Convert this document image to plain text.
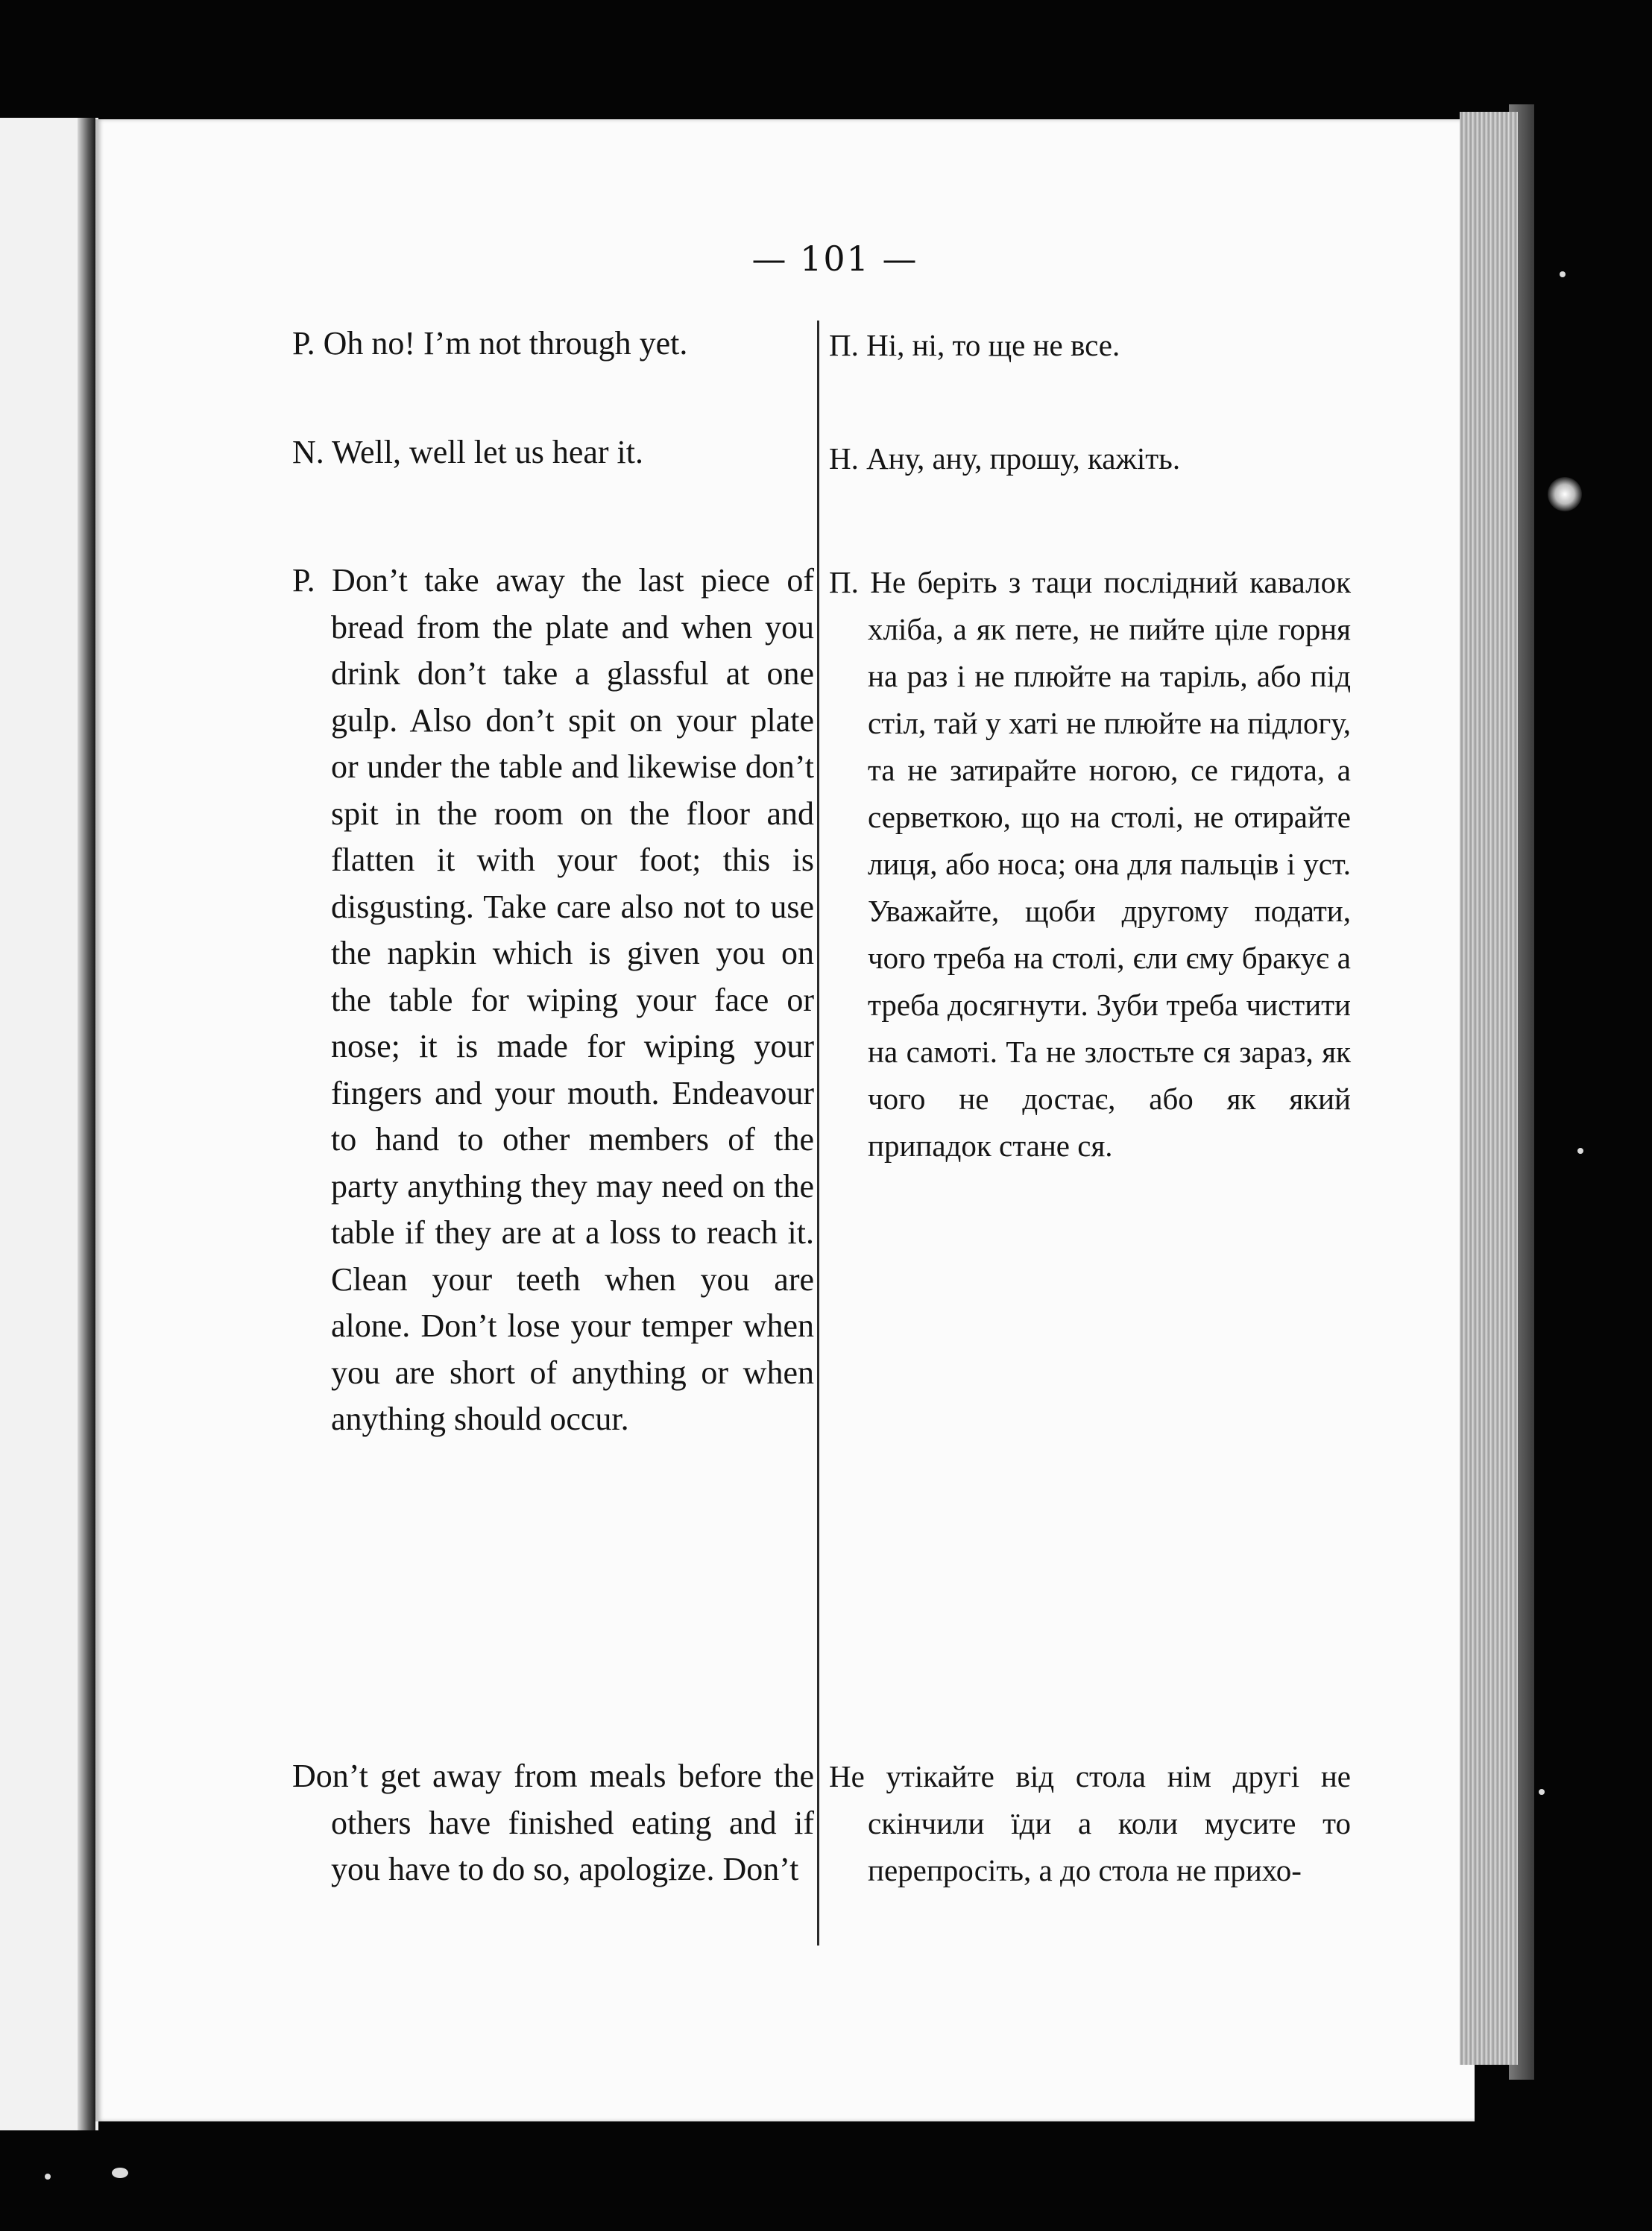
— 101 —

P. Oh no! I’m not through yet.

N. Well, well let us hear it.

P. Don’t take away the last piece of bread from the plate and when you drink don’t take a glassful at one gulp. Also don’t spit on your plate or under the table and likewise don’t spit in the room on the floor and flatten it with your foot; this is disgusting. Take care also not to use the napkin which is given you on the table for wiping your face or nose; it is made for wiping your fingers and your mouth. Endeavour to hand to other members of the party anything they may need on the table if they are at a loss to reach it. Clean your teeth when you are alone. Don’t lose your temper when you are short of anything or when anything should occur.

Don’t get away from meals before the others have finished eating and if you have to do so, apologize. Don’t

П. Ні, ні, то ще не все.

Н. Ану, ану, прошу, кажіть.

П. Не беріть з таци послідний кавалок хліба, а як пете, не пийте ціле горня на раз і не плюйте на таріль, або під стіл, тай у хаті не плюйте на підлогу, та не затирайте ногою, се гидота, а серветкою, що на столі, не отирайте лиця, або носа; она для пальців і уст. Уважайте, щоби другому подати, чого треба на столі, єли єму бракує а треба досягнути. Зуби треба чистити на самоті. Та не злостьте ся зараз, як чого не достає, або як який припадок стане ся.

Не утікайте від стола нім другі не скінчили їди а коли мусите то перепросіть, а до стола не прихо-
